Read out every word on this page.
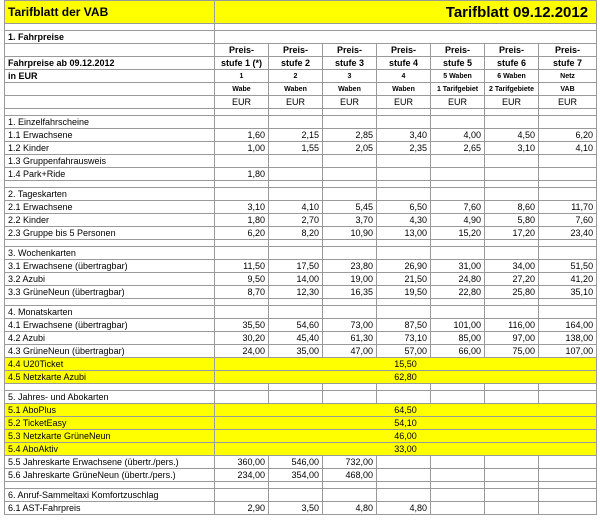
Tarifblatt der VAB	Tarifblatt 09.12.2012						

1. Fahrpreise							
	Preis-	Preis-	Preis-	Preis-	Preis-	Preis-	Preis-
Fahrpreise ab 09.12.2012	stufe 1 (*)	stufe 2	stufe 3	stufe 4	stufe 5	stufe 6	stufe 7
in EUR	1	2	3	4	5 Waben	6 Waben	Netz
	Wabe	Waben	Waben	Waben	1 Tarifgebiet	2 Tarifgebiete	VAB
	EUR	EUR	EUR	EUR	EUR	EUR	EUR

1. Einzelfahrscheine							
1.1 Erwachsene	1,60	2,15	2,85	3,40	4,00	4,50	6,20
1.2 Kinder	1,00	1,55	2,05	2,35	2,65	3,10	4,10
1.3 Gruppenfahrausweis							
1.4 Park+Ride	1,80						

2. Tageskarten							
2.1 Erwachsene	3,10	4,10	5,45	6,50	7,60	8,60	11,70
2.2 Kinder	1,80	2,70	3,70	4,30	4,90	5,80	7,60
2.3 Gruppe bis 5 Personen	6,20	8,20	10,90	13,00	15,20	17,20	23,40

3. Wochenkarten							
3.1 Erwachsene (übertragbar)	11,50	17,50	23,80	26,90	31,00	34,00	51,50
3.2 Azubi	9,50	14,00	19,00	21,50	24,80	27,20	41,20
3.3 GrüneNeun (übertragbar)	8,70	12,30	16,35	19,50	22,80	25,80	35,10

4. Monatskarten							
4.1 Erwachsene (übertragbar)	35,50	54,60	73,00	87,50	101,00	116,00	164,00
4.2 Azubi	30,20	45,40	61,30	73,10	85,00	97,00	138,00
4.3 GrüneNeun (übertragbar)	24,00	35,00	47,00	57,00	66,00	75,00	107,00
4.4 U20Ticket	15,50						
4.5 Netzkarte Azubi	62,80						

5. Jahres- und Abokarten							
5.1 AboPlus	64,50						
5.2 TicketEasy	54,10						
5.3 Netzkarte GrüneNeun	46,00						
5.4 AboAktiv	33,00						
5.5 Jahreskarte Erwachsene (übertr./pers.)	360,00	546,00	732,00				
5.6 Jahreskarte GrüneNeun (übertr./pers.)	234,00	354,00	468,00				

6. Anruf-Sammeltaxi Komfortzuschlag							
6.1 AST-Fahrpreis	2,90	3,50	4,80	4,80			
